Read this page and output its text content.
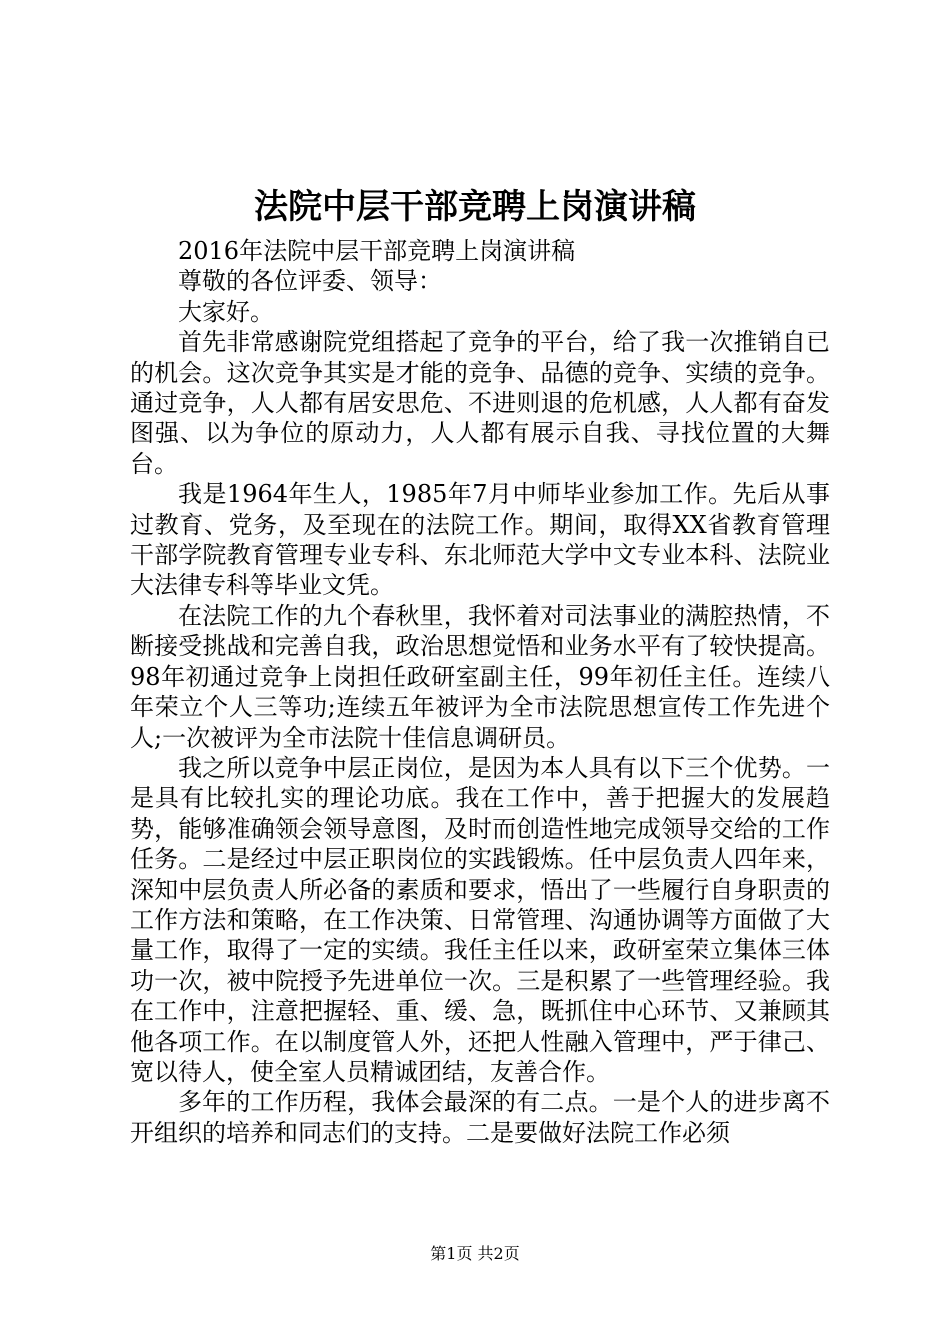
法院中层干部竞聘上岗演讲稿

2016年法院中层干部竞聘上岗演讲稿

尊敬的各位评委、领导：

大家好。

首先非常感谢院党组搭起了竞争的平台，给了我一次推销自已的机会。这次竞争其实是才能的竞争、品德的竞争、实绩的竞争。通过竞争，人人都有居安思危、不进则退的危机感，人人都有奋发图强、以为争位的原动力，人人都有展示自我、寻找位置的大舞台。

我是1964年生人，1985年7月中师毕业参加工作。先后从事过教育、党务，及至现在的法院工作。期间，取得XX省教育管理干部学院教育管理专业专科、东北师范大学中文专业本科、法院业大法律专科等毕业文凭。

在法院工作的九个春秋里，我怀着对司法事业的满腔热情，不断接受挑战和完善自我，政治思想觉悟和业务水平有了较快提高。98年初通过竞争上岗担任政研室副主任，99年初任主任。连续八年荣立个人三等功;连续五年被评为全市法院思想宣传工作先进个人;一次被评为全市法院十佳信息调研员。

我之所以竞争中层正岗位，是因为本人具有以下三个优势。一是具有比较扎实的理论功底。我在工作中，善于把握大的发展趋势，能够准确领会领导意图，及时而创造性地完成领导交给的工作任务。二是经过中层正职岗位的实践锻炼。任中层负责人四年来，深知中层负责人所必备的素质和要求，悟出了一些履行自身职责的工作方法和策略，在工作决策、日常管理、沟通协调等方面做了大量工作，取得了一定的实绩。我任主任以来，政研室荣立集体三体功一次，被中院授予先进单位一次。三是积累了一些管理经验。我在工作中，注意把握轻、重、缓、急，既抓住中心环节、又兼顾其他各项工作。在以制度管人外，还把人性融入管理中，严于律己、宽以待人，使全室人员精诚团结，友善合作。

多年的工作历程，我体会最深的有二点。一是个人的进步离不开组织的培养和同志们的支持。二是要做好法院工作必须

第1页 共2页
